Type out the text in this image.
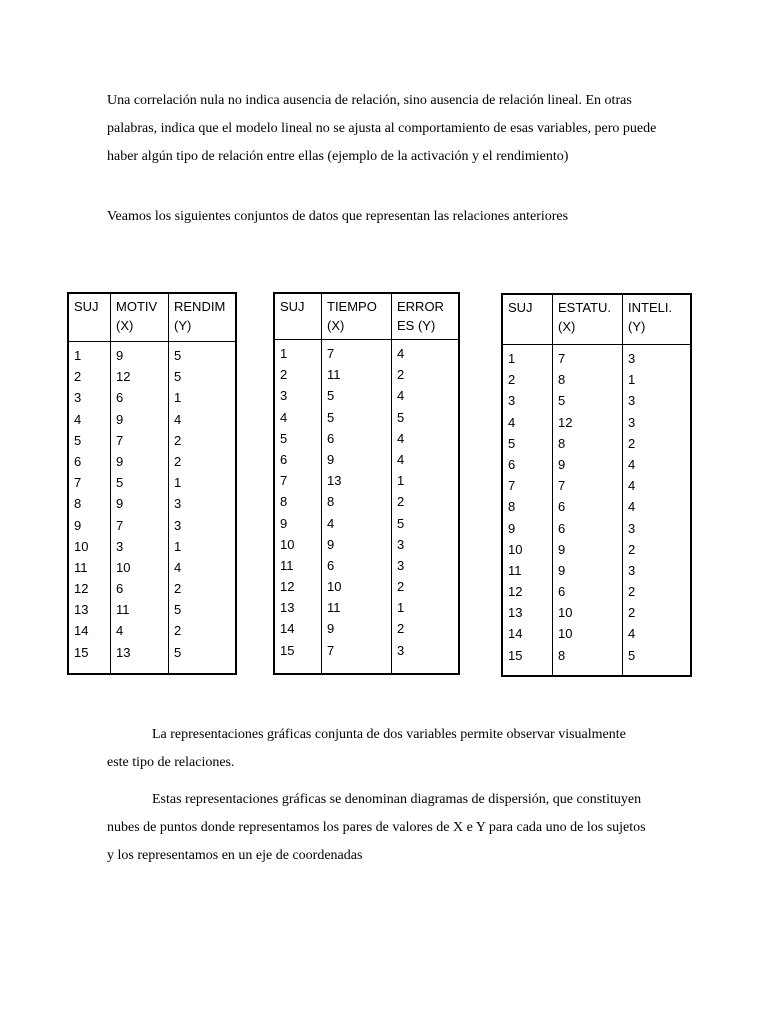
Una correlación nula no indica ausencia de relación, sino ausencia de relación lineal. En otras palabras, indica que el modelo lineal no se ajusta al comportamiento de esas variables, pero puede haber algún tipo de relación entre ellas (ejemplo de la activación y el rendimiento)

Veamos los siguientes conjuntos de datos que representan las relaciones anteriores

SUJ
1
2
3
4
5
6
7
8
9
10
11
12
13
14
15
MOTIV
(X)
9
12
6
9
7
9
5
9
7
3
10
6
11
4
13
RENDIM
(Y)
5
5
1
4
2
2
1
3
3
1
4
2
5
2
5
SUJ
1
2
3
4
5
6
7
8
9
10
11
12
13
14
15
TIEMPO
(X)
7
11
5
5
6
9
13
8
4
9
6
10
11
9
7
ERROR
ES (Y)
4
2
4
5
4
4
1
2
5
3
3
2
1
2
3
SUJ
1
2
3
4
5
6
7
8
9
10
11
12
13
14
15
ESTATU.
(X)
7
8
5
12
8
9
7
6
6
9
9
6
10
10
8
INTELI.
(Y)
3
1
3
3
2
4
4
4
3
2
3
2
2
4
5

La representaciones gráficas conjunta de dos variables permite observar visualmente este tipo de relaciones.

Estas representaciones gráficas se denominan diagramas de dispersión, que constituyen nubes de puntos donde representamos los pares de valores de X e Y para cada uno de los sujetos y los representamos en un eje de coordenadas
